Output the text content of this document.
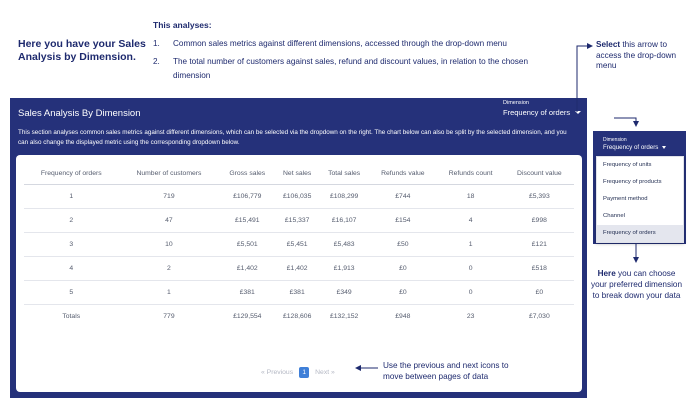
Here you have your Sales Analysis by Dimension.
This analyses:
1.	Common sales metrics against different dimensions, accessed through the drop-down menu
2.	The total number of customers against sales, refund and discount values, in relation to the chosen dimension
Select this arrow to access the drop-down menu
Sales Analysis By Dimension
Dimension
Frequency of orders
This section analyses common sales metrics against different dimensions, which can be selected via the dropdown on the right. The chart below can also be split by the selected dimension, and you can also change the displayed metric using the corresponding dropdown below.
Frequency of orders	Number of customers	Gross sales	Net sales	Total sales	Refunds value	Refunds count	Discount value
1	719	£106,779	£106,035	£108,299	£744	18	£5,393
2	47	£15,491	£15,337	£16,107	£154	4	£998
3	10	£5,501	£5,451	£5,483	£50	1	£121
4	2	£1,402	£1,402	£1,913	£0	0	£518
5	1	£381	£381	£349	£0	0	£0
Totals	779	£129,554	£128,606	£132,152	£948	23	£7,030
« Previous	1	Next »
Use the previous and next icons to move between pages of data
Dimension
Frequency of orders
Frequency of units
Frequency of products
Payment method
Channel
Frequency of orders
Here you can choose your preferred dimension to break down your data
